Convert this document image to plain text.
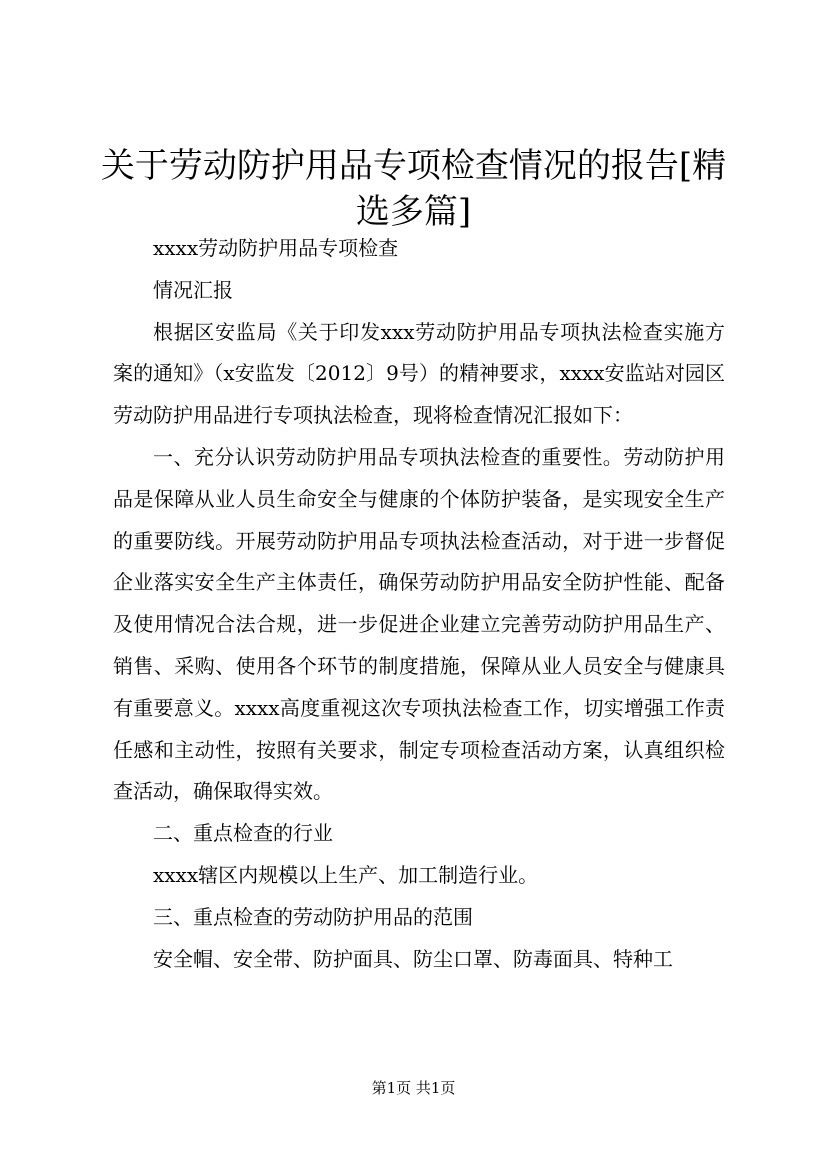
关于劳动防护用品专项检查情况的报告[精选多篇]

xxxx劳动防护用品专项检查

情况汇报

根据区安监局《关于印发xxx劳动防护用品专项执法检查实施方案的通知》（x安监发〔2012〕9号）的精神要求，xxxx安监站对园区劳动防护用品进行专项执法检查，现将检查情况汇报如下：

一、充分认识劳动防护用品专项执法检查的重要性。劳动防护用品是保障从业人员生命安全与健康的个体防护装备，是实现安全生产的重要防线。开展劳动防护用品专项执法检查活动，对于进一步督促企业落实安全生产主体责任，确保劳动防护用品安全防护性能、配备及使用情况合法合规，进一步促进企业建立完善劳动防护用品生产、销售、采购、使用各个环节的制度措施，保障从业人员安全与健康具有重要意义。xxxx高度重视这次专项执法检查工作，切实增强工作责任感和主动性，按照有关要求，制定专项检查活动方案，认真组织检查活动，确保取得实效。

二、重点检查的行业

xxxx辖区内规模以上生产、加工制造行业。

三、重点检查的劳动防护用品的范围

安全帽、安全带、防护面具、防尘口罩、防毒面具、特种工

第1页 共1页
